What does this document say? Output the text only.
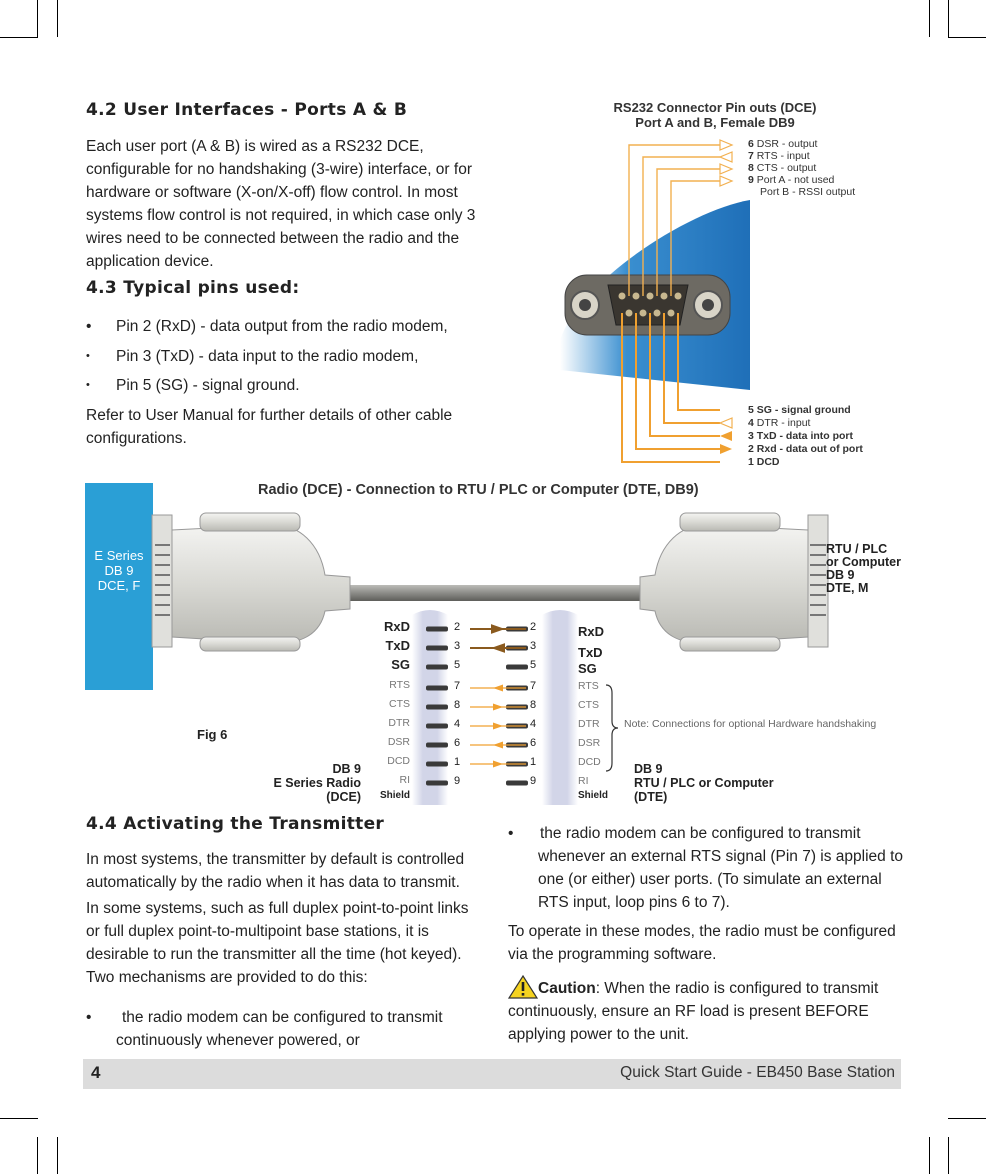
4.2 User Interfaces - Ports A & B
Each user port (A & B) is wired as a RS232 DCE,
configurable for no handshaking (3-wire) interface, or for
hardware or software (X-on/X-off) flow control. In most
systems flow control is not required, in which case only 3
wires need to be connected between the radio and the
application device.
4.3 Typical pins used:
• Pin 2 (RxD) - data output from the radio modem,
• Pin 3 (TxD) - data input to the radio modem,
• Pin 5 (SG) - signal ground.
Refer to User Manual for further details of other cable
configurations.
RS232 Connector Pin outs (DCE)
Port A and B, Female DB9
6 DSR - output
7 RTS - input
8 CTS - output
9 Port A - not used
Port B - RSSI output
5 SG - signal ground
4 DTR - input
3 TxD - data into port
2 Rxd - data out of port
1 DCD
Radio (DCE) - Connection to RTU / PLC or Computer (DTE, DB9)
E Series
DB 9
DCE, F
RTU / PLC
or Computer
DB 9
DTE, M
RxD
TxD
SG
RTS
CTS
DTR
DSR
DCD
RI
Shield
2
3
5
7
8
4
6
1
9
2
3
5
7
8
4
6
1
9
RxD
TxD
SG
RTS
CTS
DTR
DSR
DCD
RI
Shield
Note: Connections for optional Hardware handshaking
Fig 6
DB 9
E Series Radio
(DCE)
DB 9
RTU / PLC or Computer
(DTE)
4.4 Activating the Transmitter
In most systems, the transmitter by default is controlled
automatically by the radio when it has data to transmit.
In some systems, such as full duplex point-to-point links
or full duplex point-to-multipoint base stations, it is
desirable to run the transmitter all the time (hot keyed).
Two mechanisms are provided to do this:
•	the radio modem can be configured to transmit
continuously whenever powered, or
• the radio modem can be configured to transmit
whenever an external RTS signal (Pin 7) is applied to
one (or either) user ports. (To simulate an external
RTS input, loop pins 6 to 7).
To operate in these modes, the radio must be configured
via the programming software.
Caution: When the radio is configured to transmit
continuously, ensure an RF load is present BEFORE
applying power to the unit.
4	Quick Start Guide - EB450 Base Station
